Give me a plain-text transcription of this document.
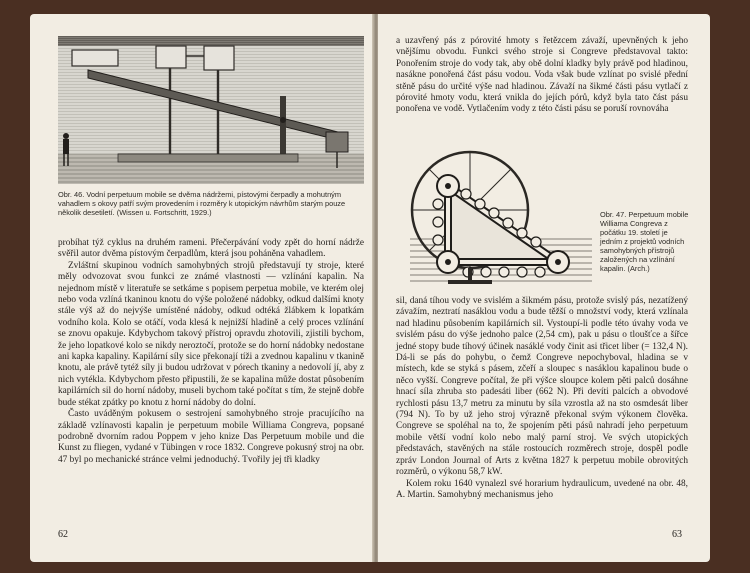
Obr. 46. Vodní perpetuum mobile se dvěma nádržemi, pístovými čerpadly a mohutným vahadlem s okovy patří svým provedením i rozměry k utopickým návrhům starým pouze několik desetiletí. (Wissen u. Fortschritt, 1929.)

probíhat týž cyklus na druhém rameni. Přečerpávání vody zpět do horní nádrže svěřil autor dvěma pístovým čerpadlům, která jsou poháněna vahadlem.

Zvláštní skupinou vodních samohybných strojů představují ty stroje, které měly odvozovat svou funkci ze známé vlastnosti — vzlínání kapalin. Na nejednom místě v literatuře se setkáme s popisem perpetua mobile, ve kterém olej nebo voda vzlíná tkaninou knotu do výše položené nádobky, odkud dalšími knoty stále výš až do nejvýše umístěné nádoby, odkud odtéká žlábkem k lopatkám vodního kola. Kolo se otáčí, voda klesá k nejnižší hladině a celý proces vzlínání se znovu opakuje. Kdybychom takový přístroj opravdu zhotovili, zjistili bychom, že jeho lopatkové kolo se nikdy neroztočí, protože se do horní nádobky nedostane ani kapka kapaliny. Kapilární síly sice překonají tíži a zvednou kapalinu v tkanině knotu, ale právě tytéž síly ji budou udržovat v pórech tkaniny a nedovolí jí, aby z nich vytékla. Kdybychom přesto připustili, že se kapalina může dostat působením kapilárních sil do horní nádoby, museli bychom také počítat s tím, že stejně dobře bude stékat zpátky po knotu z horní nádoby do dolní.

Často uváděným pokusem o sestrojení samohybného stroje pracujícího na základě vzlínavosti kapalin je perpetuum mobile Williama Congreva, popsané podrobně dvorním radou Poppem v jeho knize Das Perpetuum mobile und die Kunst zu fliegen, vydané v Tübingen v roce 1832. Congreve pokusný stroj na obr. 47 byl po mechanické stránce velmi jednoduchý. Tvořily jej tři kladky

62
a uzavřený pás z pórovité hmoty s řetězcem závaží, upevněných k jeho vnějšímu obvodu. Funkci svého stroje si Congreve představoval takto: Ponořením stroje do vody tak, aby obě dolní kladky byly právě pod hladinou, nasákne ponořená část pásu vodou. Voda však bude vzlínat po svislé přední stěně pásu do určité výše nad hladinou. Závaží na šikmé části pásu vytlačí z pórovité hmoty vodu, která vnikla do jejích pórů, když byla tato část pásu ponořena ve vodě. Vytlačením vody z této části pásu se poruší rovnováha
Obr. 47. Perpetuum mobile Williama Congreva z počátku 19. století je jedním z projektů vodních samohybných přístrojů založených na vzlínání kapalin. (Arch.)

sil, daná tíhou vody ve svislém a šikmém pásu, protože svislý pás, nezatížený závažím, neztratí nasáklou vodu a bude těžší o množství vody, která vzlínala nad hladinu působením kapilárních sil. Vystoupí-li podle této úvahy voda ve svislém pásu do výše jednoho palce (2,54 cm), pak u pásu o tloušťce a šířce jedné stopy bude tíhový účinek nasáklé vody činit asi třicet liber (= 132,4 N). Dá-li se pás do pohybu, o čemž Congreve nepochyboval, hladina se v místech, kde se styká s pásem, zčeří a sloupec s nasáklou kapalinou bude o něco vyšší. Congreve počítal, že při výšce sloupce kolem pěti palců dosáhne hnací síla zhruba sto padesáti liber (662 N). Při devíti palcích a obvodové rychlosti pásu 13,7 metru za minutu by síla vzrostla až na sto osmdesát liber (794 N). To by už jeho stroj výrazně překonal svým výkonem člověka. Congreve se spoléhal na to, že spojením pěti pásů nahradí jeho perpetuum mobile větší vodní kolo nebo malý parní stroj. Ve svých utopických představách, stavěných na stále rostoucích rozměrech stroje, dospěl podle zpráv London Journal of Arts z května 1827 k perpetuu mobile obrovitých rozměrů, o výkonu 58,7 kW.

Kolem roku 1640 vynalezl své horarium hydraulicum, uvedené na obr. 48, A. Martin. Samohybný mechanismus jeho

63
